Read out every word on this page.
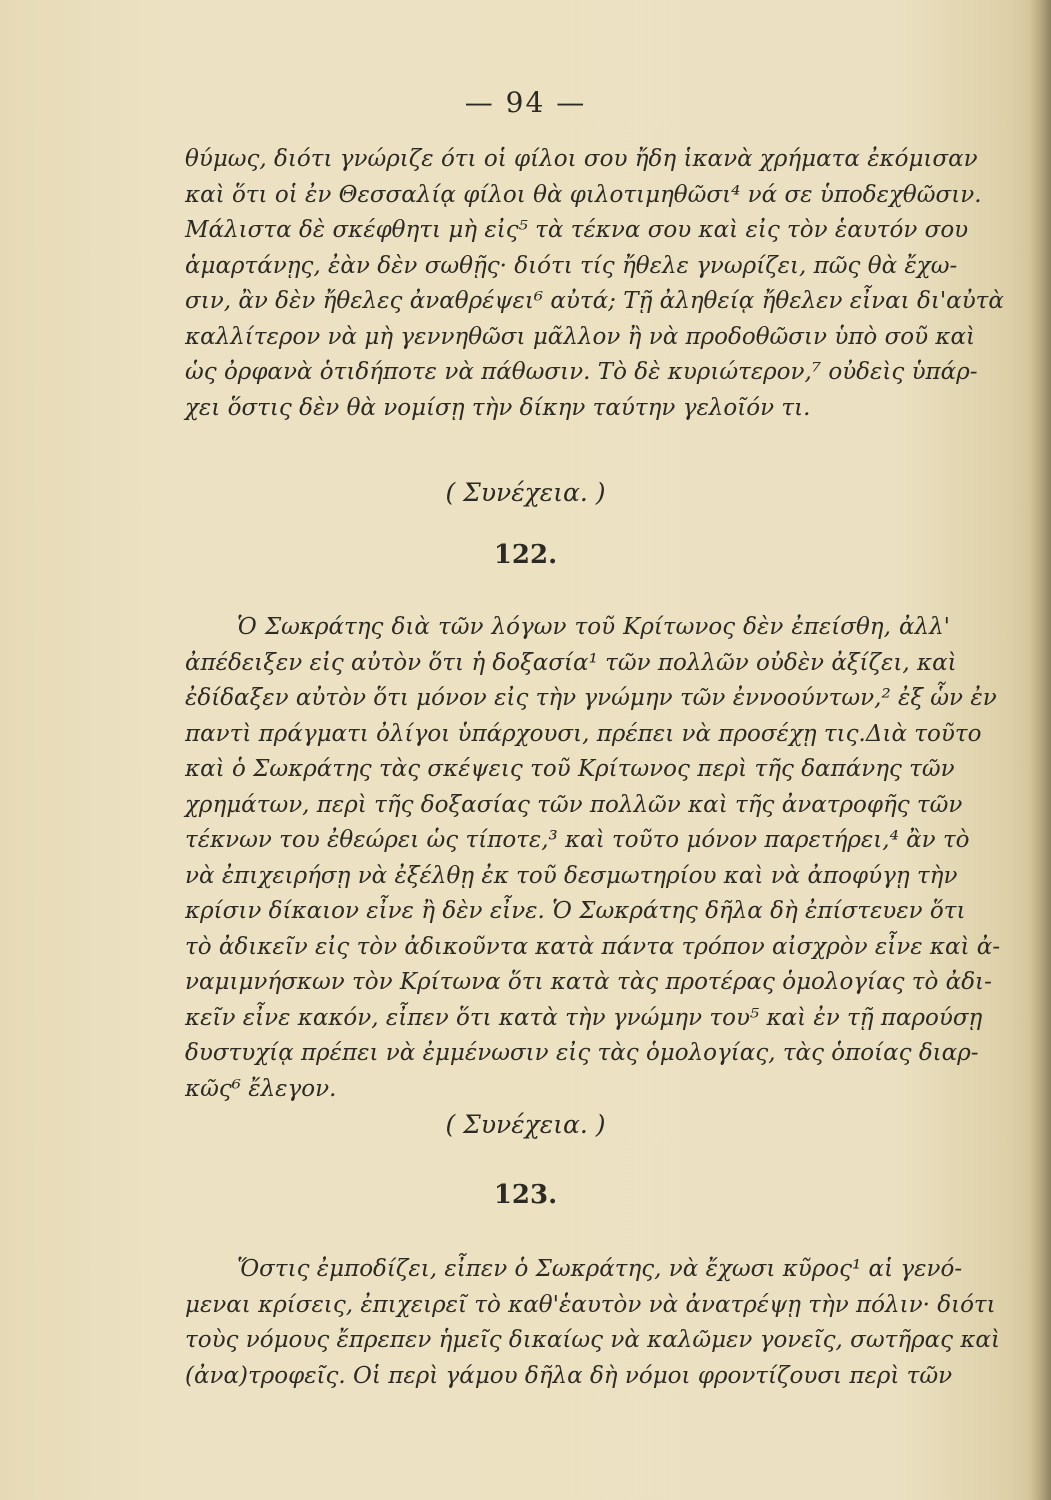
— 94 —
θύμως, διότι γνώριζε ότι οἱ φίλοι σου ἤδη ἱκανὰ χρήματα ἐκόμισαν
καὶ ὅτι οἱ ἐν Θεσσαλίᾳ φίλοι θὰ φιλοτιμηθῶσι⁴ νά σε ὑποδεχθῶσιν.
Μάλιστα δὲ σκέφθητι μὴ εἰς⁵ τὰ τέκνα σου καὶ εἰς τὸν ἑαυτόν σου
ἁμαρτάνῃς, ἐὰν δὲν σωθῇς· διότι τίς ἤθελε γνωρίζει, πῶς θὰ ἔχω-
σιν, ἂν δὲν ἤθελες ἀναθρέψει⁶ αὐτά; Τῇ ἀληθείᾳ ἤθελεν εἶναι δι'αὐτὰ
καλλίτερον νὰ μὴ γεννηθῶσι μᾶλλον ἢ νὰ προδοθῶσιν ὑπὸ σοῦ καὶ
ὡς ὀρφανὰ ὁτιδήποτε νὰ πάθωσιν. Τὸ δὲ κυριώτερον,⁷ οὐδεὶς ὑπάρ-
χει ὅστις δὲν θὰ νομίσῃ τὴν δίκην ταύτην γελοῖόν τι.
( Συνέχεια. )
122.
Ὁ Σωκράτης διὰ τῶν λόγων τοῦ Κρίτωνος δὲν ἐπείσθη, ἀλλ'
ἀπέδειξεν εἰς αὐτὸν ὅτι ἡ δοξασία¹ τῶν πολλῶν οὐδὲν ἀξίζει, καὶ
ἐδίδαξεν αὐτὸν ὅτι μόνον εἰς τὴν γνώμην τῶν ἐννοούντων,² ἐξ ὧν ἐν
παντὶ πράγματι ὀλίγοι ὑπάρχουσι, πρέπει νὰ προσέχῃ τις.Διὰ τοῦτο
καὶ ὁ Σωκράτης τὰς σκέψεις τοῦ Κρίτωνος περὶ τῆς δαπάνης τῶν
χρημάτων, περὶ τῆς δοξασίας τῶν πολλῶν καὶ τῆς ἀνατροφῆς τῶν
τέκνων του ἐθεώρει ὡς τίποτε,³ καὶ τοῦτο μόνον παρετήρει,⁴ ἂν τὸ
νὰ ἐπιχειρήσῃ νὰ ἐξέλθῃ ἐκ τοῦ δεσμωτηρίου καὶ νὰ ἀποφύγῃ τὴν
κρίσιν δίκαιον εἶνε ἢ δὲν εἶνε. Ὁ Σωκράτης δῆλα δὴ ἐπίστευεν ὅτι
τὸ ἀδικεῖν εἰς τὸν ἀδικοῦντα κατὰ πάντα τρόπον αἰσχρὸν εἶνε καὶ ἀ-
ναμιμνήσκων τὸν Κρίτωνα ὅτι κατὰ τὰς προτέρας ὁμολογίας τὸ ἀδι-
κεῖν εἶνε κακόν, εἶπεν ὅτι κατὰ τὴν γνώμην του⁵ καὶ ἐν τῇ παρούσῃ
δυστυχίᾳ πρέπει νὰ ἐμμένωσιν εἰς τὰς ὁμολογίας, τὰς ὁποίας διαρ-
κῶς⁶ ἔλεγον.
( Συνέχεια. )
123.
Ὅστις ἐμποδίζει, εἶπεν ὁ Σωκράτης, νὰ ἔχωσι κῦρος¹ αἱ γενό-
μεναι κρίσεις, ἐπιχειρεῖ τὸ καθ'ἑαυτὸν νὰ ἀνατρέψῃ τὴν πόλιν· διότι
τοὺς νόμους ἔπρεπεν ἡμεῖς δικαίως νὰ καλῶμεν γονεῖς, σωτῆρας καὶ
(ἀνα)τροφεῖς. Οἱ περὶ γάμου δῆλα δὴ νόμοι φροντίζουσι περὶ τῶν
